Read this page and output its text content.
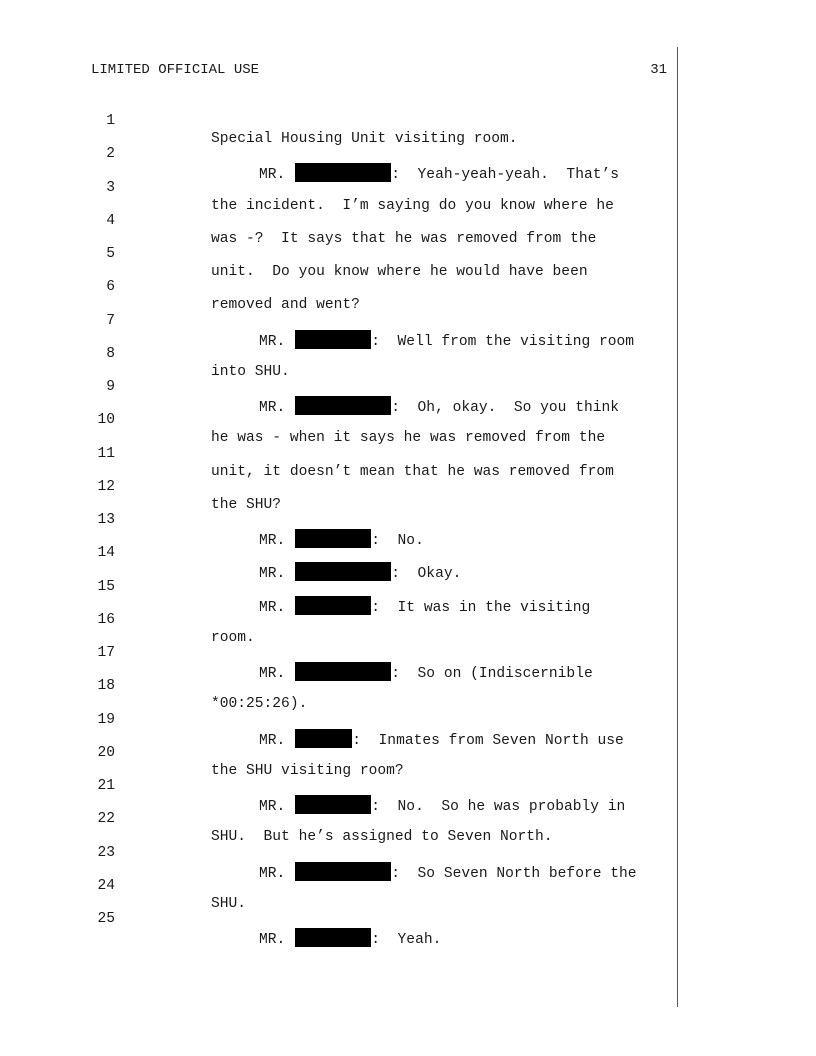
LIMITED OFFICIAL USE	31

1

Special Housing Unit visiting room.

2

MR.	:  Yeah-yeah-yeah.  That’s

3

the incident.  I’m saying do you know where he

4

was -?  It says that he was removed from the

5

unit.  Do you know where he would have been

6

removed and went?

7

MR.	:  Well from the visiting room

8

into SHU.

9

MR.	:  Oh, okay.  So you think

10

he was - when it says he was removed from the

11

unit, it doesn’t mean that he was removed from

12

the SHU?

13

MR.	:  No.

14

MR.	:  Okay.

15

MR.	:  It was in the visiting

16

room.

17

MR.	:  So on (Indiscernible

18

*00:25:26).

19

MR.	:  Inmates from Seven North use

20

the SHU visiting room?

21

MR.	:  No.  So he was probably in

22

SHU.  But he’s assigned to Seven North.

23

MR.	:  So Seven North before the

24

SHU.

25

MR.	:  Yeah.
